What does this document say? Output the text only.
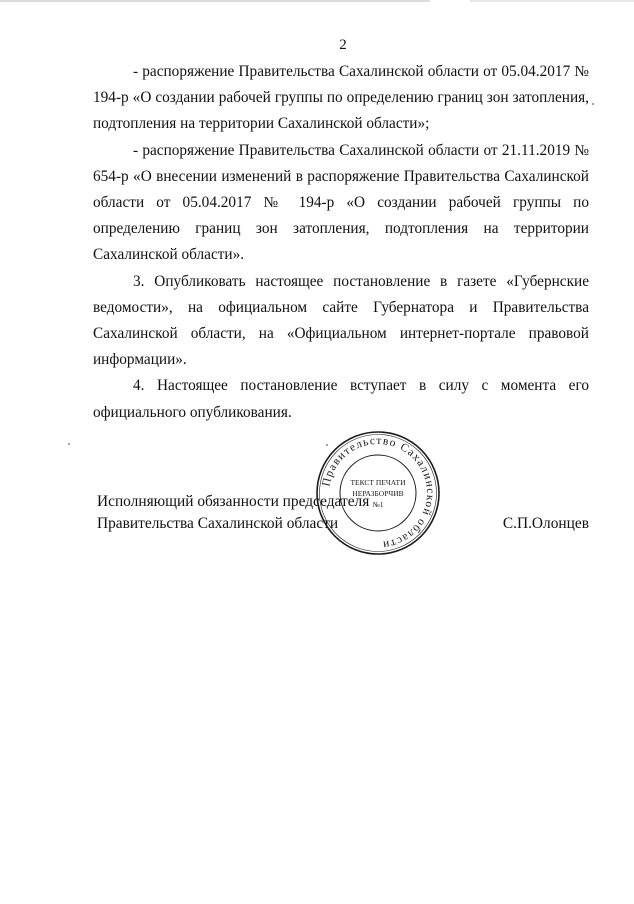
2

- распоряжение Правительства Сахалинской области от 05.04.2017 № 194-р «О создании рабочей группы по определению границ зон затопления, подтопления на территории Сахалинской области»;

- распоряжение Правительства Сахалинской области от 21.11.2019 № 654-р «О внесении изменений в распоряжение Правительства Сахалинской области от 05.04.2017 № 194-р «О создании рабочей группы по определению границ зон затопления, подтопления на территории Сахалинской области».

3. Опубликовать настоящее постановление в газете «Губернские ведомости», на официальном сайте Губернатора и Правительства Сахалинской области, на «Официальном интернет-портале правовой информации».

4. Настоящее постановление вступает в силу с момента его официального опубликования.

Исполняющий обязанности председателя
Правительства Сахалинской области	С.П.Олонцев
Правительство Сахалинской области
ТЕКСТ ПЕЧАТИ
НЕРАЗБОРЧИВ
№1
